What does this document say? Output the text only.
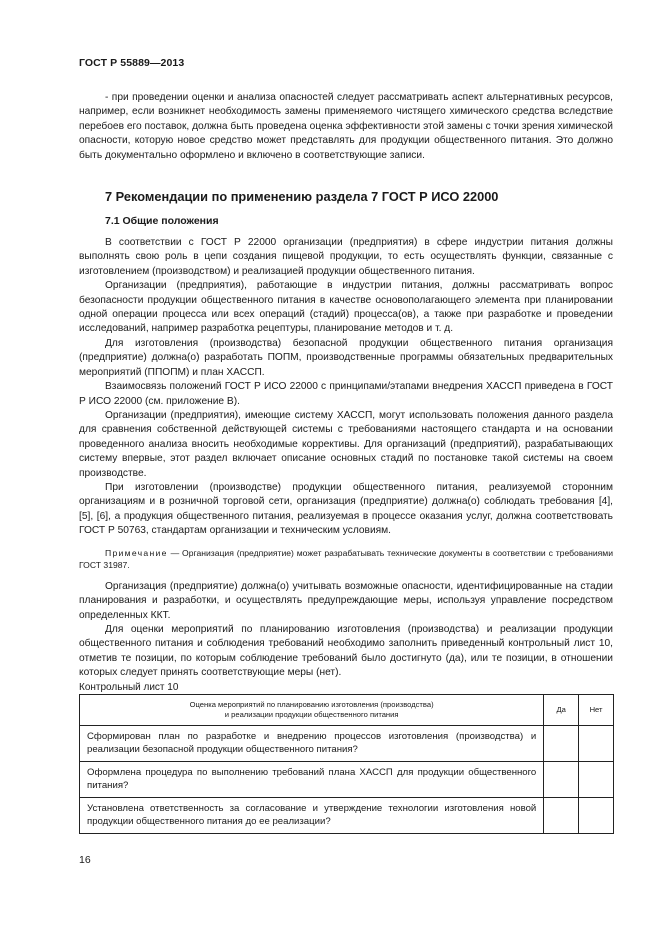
ГОСТ Р 55889—2013

- при проведении оценки и анализа опасностей следует рассматривать аспект альтернативных ресурсов, например, если возникнет необходимость замены применяемого чистящего химического средства вследствие перебоев его поставок, должна быть проведена оценка эффективности этой замены с точки зрения химической опасности, которую новое средство может представлять для продукции общественного питания. Это должно быть документально оформлено и включено в соответствующие записи.

7 Рекомендации по применению раздела 7 ГОСТ Р ИСО 22000
7.1 Общие положения

В соответствии с ГОСТ Р 22000 организации (предприятия) в сфере индустрии питания должны выполнять свою роль в цепи создания пищевой продукции, то есть осуществлять функции, связанные с изготовлением (производством) и реализацией продукции общественного питания.

Организации (предприятия), работающие в индустрии питания, должны рассматривать вопрос безопасности продукции общественного питания в качестве основополагающего элемента при планировании одной операции процесса или всех операций (стадий) процесса(ов), а также при разработке и проведении исследований, например разработка рецептуры, планирование методов и т. д.

Для изготовления (производства) безопасной продукции общественного питания организация (предприятие) должна(о) разработать ПОПМ, производственные программы обязательных предварительных мероприятий (ППОПМ) и план ХАССП.

Взаимосвязь положений ГОСТ Р ИСО 22000 с принципами/этапами внедрения ХАССП приведена в ГОСТ Р ИСО 22000 (см. приложение В).

Организации (предприятия), имеющие систему ХАССП, могут использовать положения данного раздела для сравнения собственной действующей системы с требованиями настоящего стандарта и на основании проведенного анализа вносить необходимые коррективы. Для организаций (предприятий), разрабатывающих систему впервые, этот раздел включает описание основных стадий по постановке такой системы на своем производстве.

При изготовлении (производстве) продукции общественного питания, реализуемой сторонним организациям и в розничной торговой сети, организация (предприятие) должна(о) соблюдать требования [4], [5], [6], а продукция общественного питания, реализуемая в процессе оказания услуг, должна соответствовать ГОСТ Р 50763, стандартам организации и техническим условиям.

Примечание — Организация (предприятие) может разрабатывать технические документы в соответствии с требованиями ГОСТ 31987.

Организация (предприятие) должна(о) учитывать возможные опасности, идентифицированные на стадии планирования и разработки, и осуществлять предупреждающие меры, используя управление посредством определенных ККТ.

Для оценки мероприятий по планированию изготовления (производства) и реализации продукции общественного питания и соблюдения требований необходимо заполнить приведенный контрольный лист 10, отметив те позиции, по которым соблюдение требований было достигнуто (да), или те позиции, в отношении которых следует принять соответствующие меры (нет).

Контрольный лист 10

Оценка мероприятий по планированию изготовления (производства)
и реализации продукции общественного питания	Да	Нет
Сформирован план по разработке и внедрению процессов изготовления (производства) и реализации безопасной продукции общественного питания?		
Оформлена процедура по выполнению требований плана ХАССП для продукции общественного питания?		
Установлена ответственность за согласование и утверждение технологии изготовления новой продукции общественного питания до ее реализации?		
16
